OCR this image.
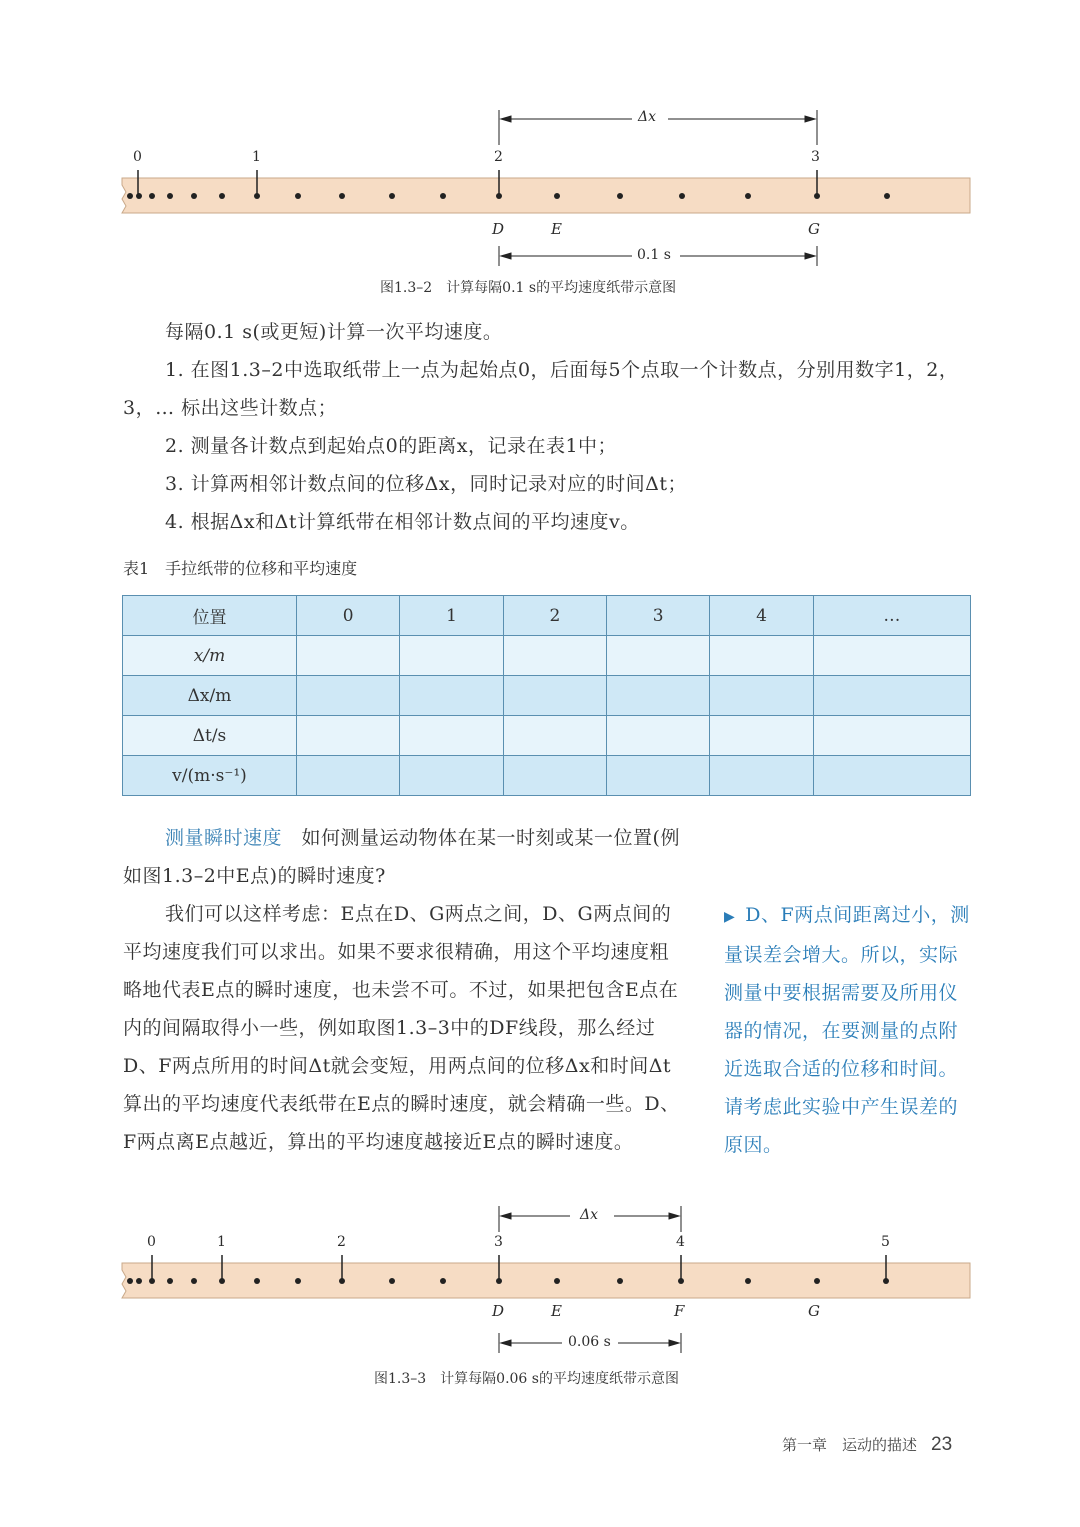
0	1	2	3
Δx
D	E	G
0.1 s
图1.3–2　计算每隔0.1 s的平均速度纸带示意图

每隔0.1 s(或更短)计算一次平均速度。

1. 在图1.3–2中选取纸带上一点为起始点0，后面每5个点取一个计数点，分别用数字1，2，3，… 标出这些计数点；

2. 测量各计数点到起始点0的距离x，记录在表1中；

3. 计算两相邻计数点间的位移Δx，同时记录对应的时间Δt；

4. 根据Δx和Δt计算纸带在相邻计数点间的平均速度v。

表1　手拉纸带的位移和平均速度
位置	0	1	2	3	4	…
x/m						
Δx/m						
Δt/s						
v/(m·s⁻¹)						

测量瞬时速度　 如何测量运动物体在某一时刻或某一位置(例如图1.3–2中E点)的瞬时速度?

我们可以这样考虑：E点在D、G两点之间，D、G两点间的平均速度我们可以求出。如果不要求很精确，用这个平均速度粗略地代表E点的瞬时速度，也未尝不可。不过，如果把包含E点在内的间隔取得小一些，例如取图1.3–3中的DF线段，那么经过D、F两点所用的时间Δt就会变短，用两点间的位移Δx和时间Δt算出的平均速度代表纸带在E点的瞬时速度，就会精确一些。D、F两点离E点越近，算出的平均速度越接近E点的瞬时速度。

▶  D、F两点间距离过小，测量误差会增大。所以，实际测量中要根据需要及所用仪器的情况，在要测量的点附近选取合适的位移和时间。请考虑此实验中产生误差的原因。
0	1	2	3	4	5
Δx
D	E	F	G
0.06 s
图1.3–3　计算每隔0.06 s的平均速度纸带示意图
第一章　运动的描述 23
